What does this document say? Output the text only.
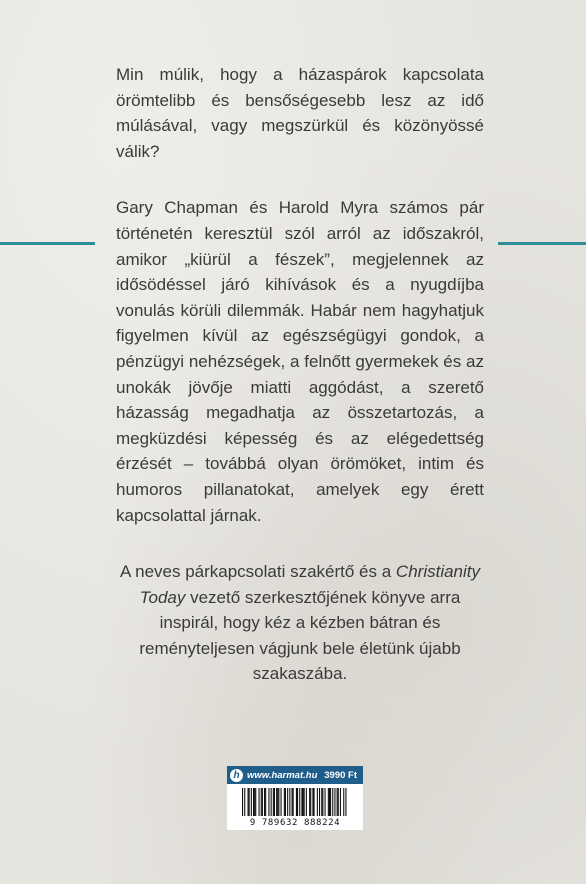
Min múlik, hogy a házaspárok kapcsolata örömtelibb és bensőségesebb lesz az idő múlásával, vagy megszürkül és közönyössé válik?

Gary Chapman és Harold Myra számos pár történetén keresztül szól arról az időszakról, amikor „kiürül a fészek”, megjelennek az idősödéssel járó kihívások és a nyugdíjba vonulás körüli dilemmák. Habár nem hagyhatjuk figyelmen kívül az egészségügyi gondok, a pénzügyi nehézségek, a felnőtt gyermekek és az unokák jövője miatti aggódást, a szerető házasság megadhatja az összetartozás, a megküzdési képesség és az elégedettség érzését – továbbá olyan örömöket, intim és humoros pillanatokat, amelyek egy érett kapcsolattal járnak.

A neves párkapcsolati szakértő és a Christianity Today vezető szerkesztőjének könyve arra inspirál, hogy kéz a kézben bátran és reményteljesen vágjunk bele életünk újabb szakaszába.

h www.harmat.hu 3990 Ft
9 789632 888224
